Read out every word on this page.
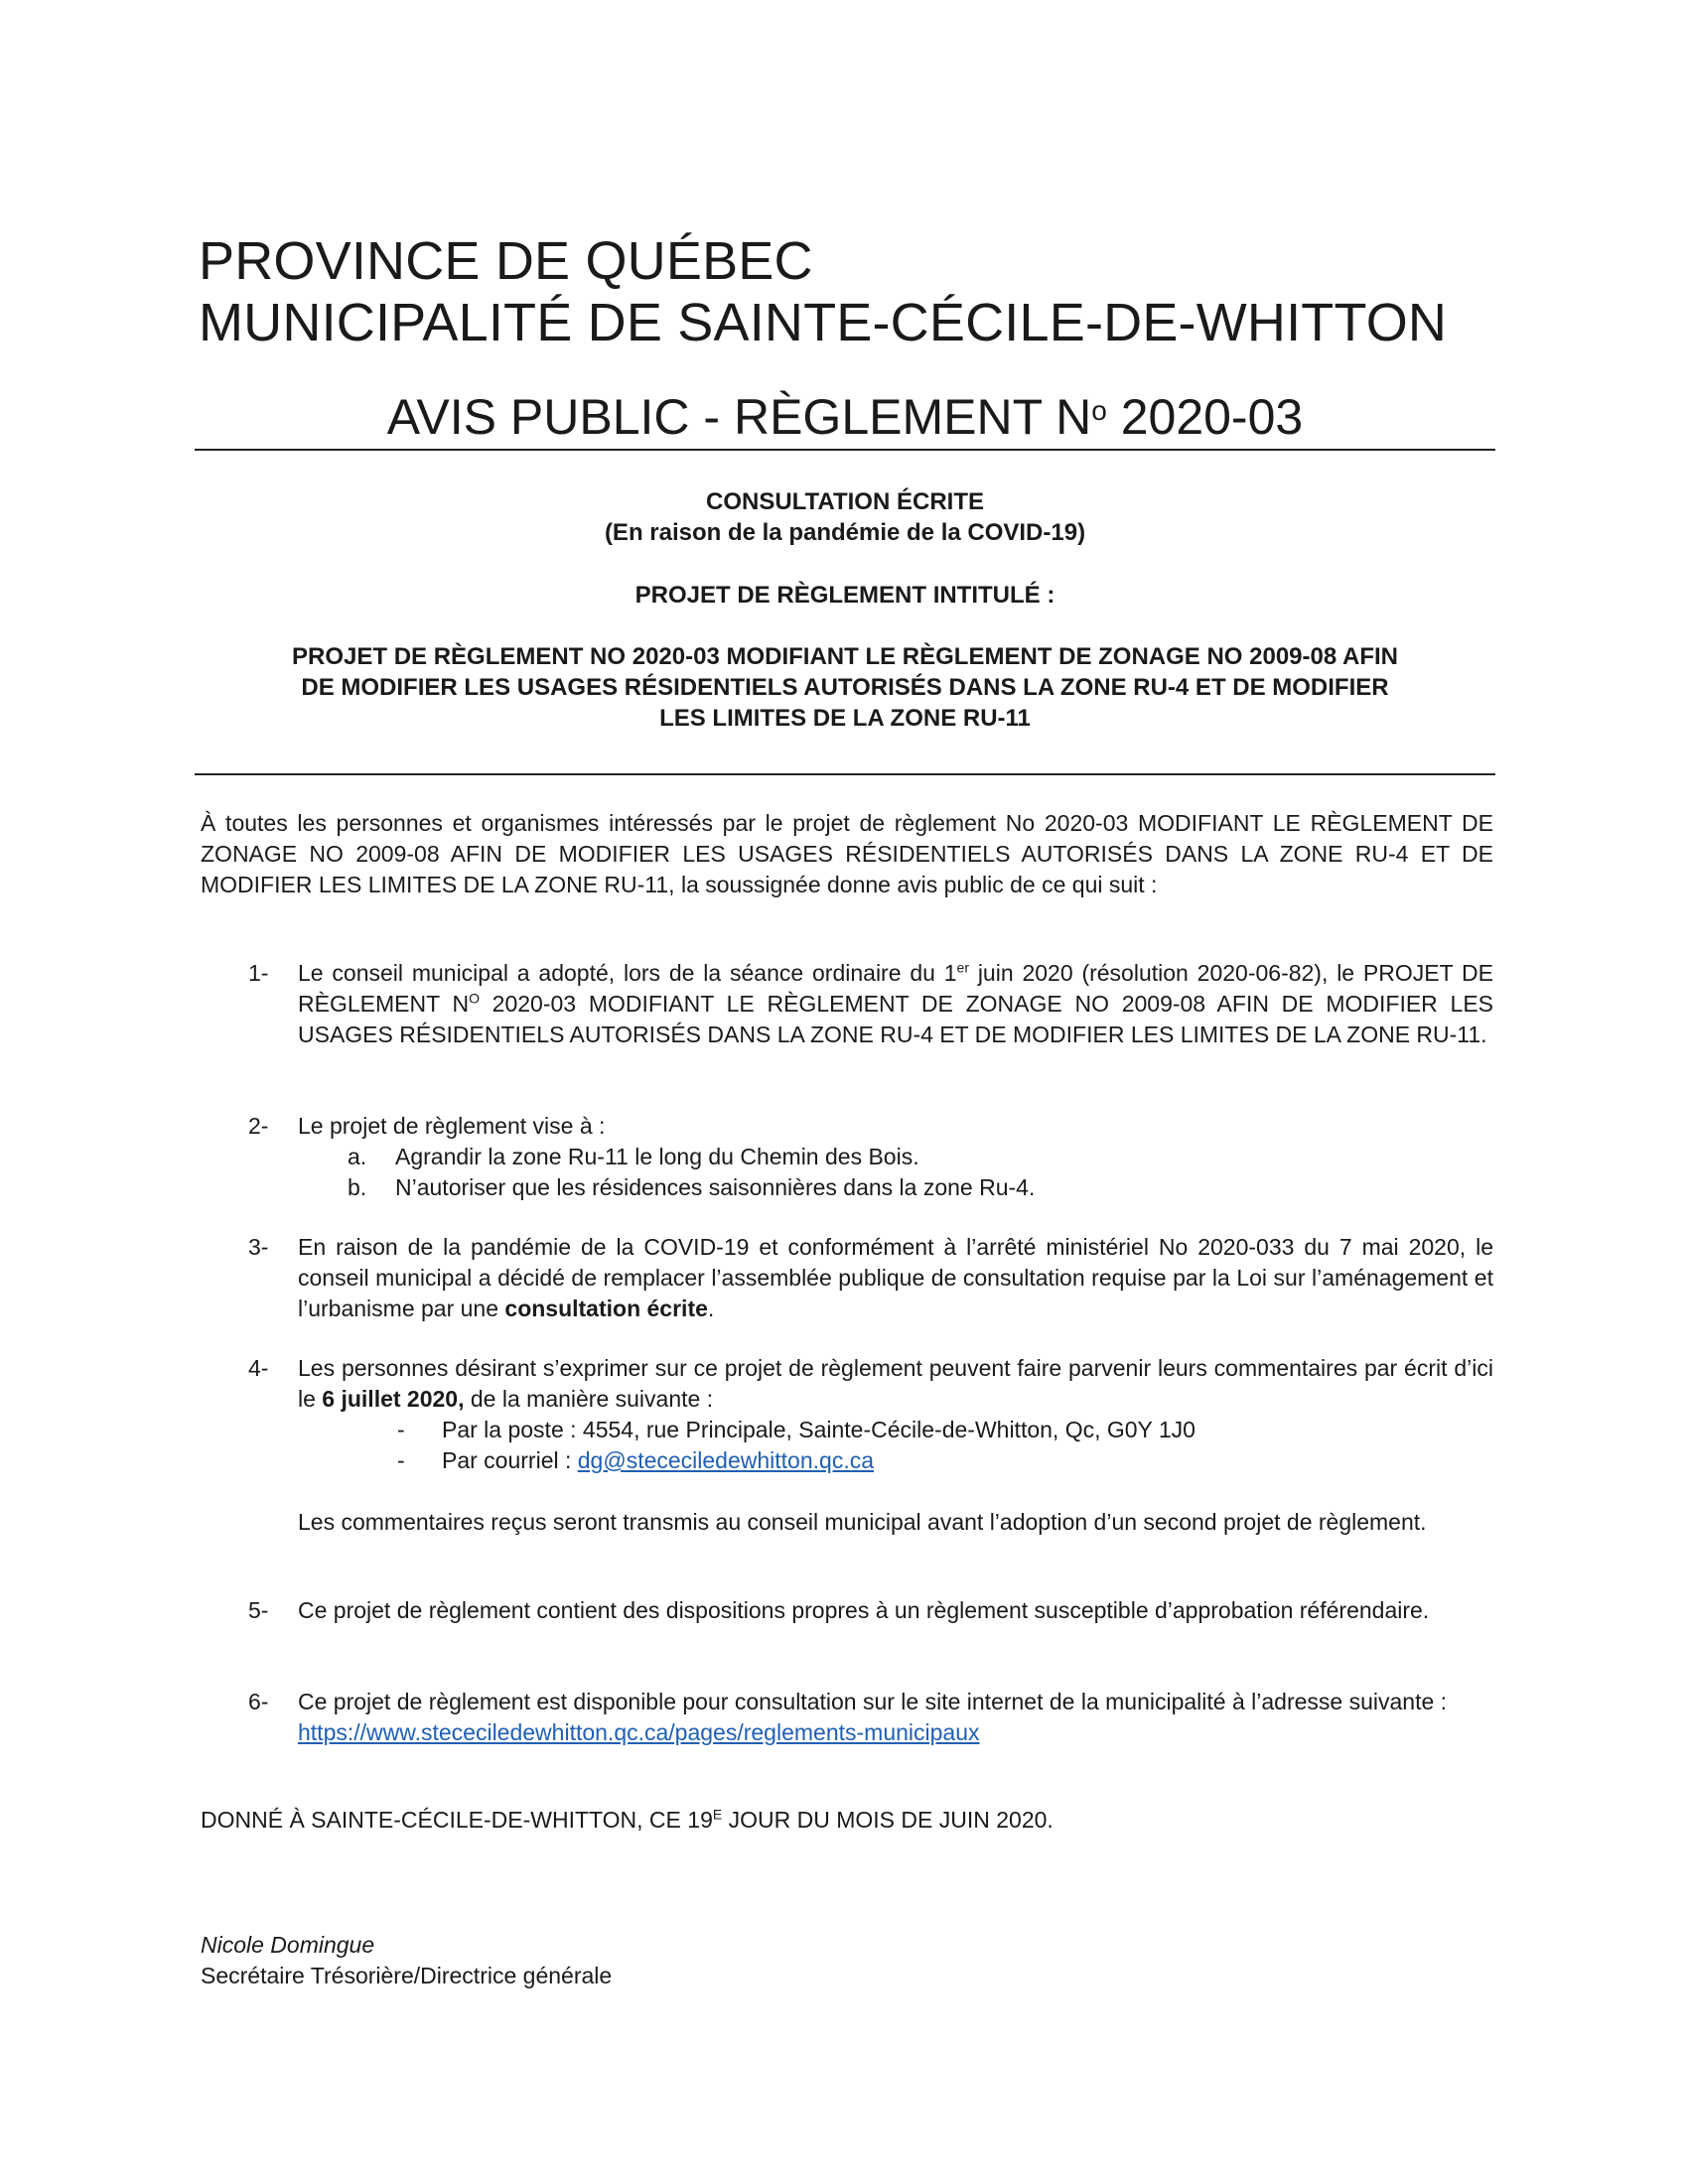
PROVINCE DE QUÉBEC
MUNICIPALITÉ DE SAINTE-CÉCILE-DE-WHITTON
AVIS PUBLIC - RÈGLEMENT $N^o$ 2020-03
CONSULTATION ÉCRITE
(En raison de la pandémie de la COVID-19)
PROJET DE RÈGLEMENT INTITULÉ :
PROJET DE RÈGLEMENT NO 2020-03 MODIFIANT LE RÈGLEMENT DE ZONAGE NO 2009-08 AFIN
DE MODIFIER LES USAGES RÉSIDENTIELS AUTORISÉS DANS LA ZONE RU-4 ET DE MODIFIER
LES LIMITES DE LA ZONE RU-11
À toutes les personnes et organismes intéressés par le projet de règlement No 2020-03 MODIFIANT LE RÈGLEMENT DE ZONAGE NO 2009-08 AFIN DE MODIFIER LES USAGES RÉSIDENTIELS AUTORISÉS DANS LA ZONE RU-4 ET DE MODIFIER LES LIMITES DE LA ZONE RU-11, la soussignée donne avis public de ce qui suit :
1- Le conseil municipal a adopté, lors de la séance ordinaire du 1er juin 2020 (résolution 2020-06-82), le PROJET DE RÈGLEMENT $N^O$ 2020-03 MODIFIANT LE RÈGLEMENT DE ZONAGE NO 2009-08 AFIN DE MODIFIER LES USAGES RÉSIDENTIELS AUTORISÉS DANS LA ZONE RU-4 ET DE MODIFIER LES LIMITES DE LA ZONE RU-11.
2- Le projet de règlement vise à :
a. Agrandir la zone Ru-11 le long du Chemin des Bois.
b. N’autoriser que les résidences saisonnières dans la zone Ru-4.
3- En raison de la pandémie de la COVID-19 et conformément à l’arrêté ministériel No 2020-033 du 7 mai 2020, le conseil municipal a décidé de remplacer l’assemblée publique de consultation requise par la Loi sur l’aménagement et l’urbanisme par une consultation écrite.
4- Les personnes désirant s’exprimer sur ce projet de règlement peuvent faire parvenir leurs commentaires par écrit d’ici le 6 juillet 2020, de la manière suivante :
- Par la poste : 4554, rue Principale, Sainte-Cécile-de-Whitton, Qc, G0Y 1J0
- Par courriel : dg@stececiledewhitton.qc.ca
Les commentaires reçus seront transmis au conseil municipal avant l’adoption d’un second projet de règlement.
5- Ce projet de règlement contient des dispositions propres à un règlement susceptible d’approbation référendaire.
6- Ce projet de règlement est disponible pour consultation sur le site internet de la municipalité à l’adresse suivante : https://www.stececiledewhitton.qc.ca/pages/reglements-municipaux
DONNÉ À SAINTE-CÉCILE-DE-WHITTON, CE $19^E$ JOUR DU MOIS DE JUIN 2020.
Nicole Domingue
Secrétaire Trésorière/Directrice générale
